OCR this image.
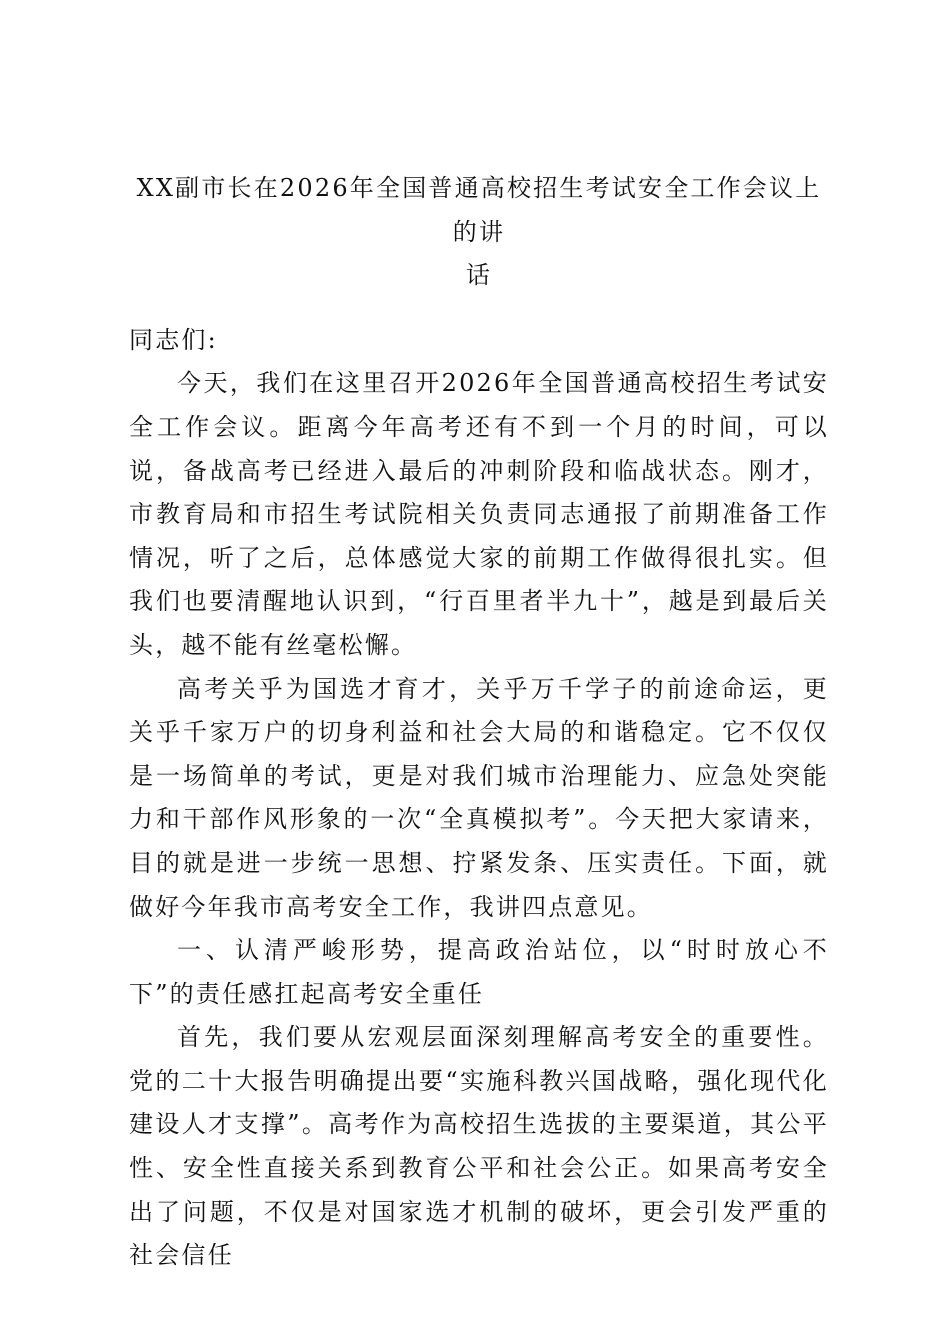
XX副市长在2026年全国普通高校招生考试安全工作会议上的讲
话

同志们:

今天，我们在这里召开2026年全国普通高校招生考试安全工作会议。距离今年高考还有不到一个月的时间，可以说，备战高考已经进入最后的冲刺阶段和临战状态。刚才，市教育局和市招生考试院相关负责同志通报了前期准备工作情况，听了之后，总体感觉大家的前期工作做得很扎实。但我们也要清醒地认识到，“行百里者半九十”，越是到最后关头，越不能有丝毫松懈。

高考关乎为国选才育才，关乎万千学子的前途命运，更关乎千家万户的切身利益和社会大局的和谐稳定。它不仅仅是一场简单的考试，更是对我们城市治理能力、应急处突能力和干部作风形象的一次“全真模拟考”。今天把大家请来，目的就是进一步统一思想、拧紧发条、压实责任。下面，就做好今年我市高考安全工作，我讲四点意见。

一、认清严峻形势，提高政治站位，以“时时放心不下”的责任感扛起高考安全重任

首先，我们要从宏观层面深刻理解高考安全的重要性。党的二十大报告明确提出要“实施科教兴国战略，强化现代化建设人才支撑”。高考作为高校招生选拔的主要渠道，其公平性、安全性直接关系到教育公平和社会公正。如果高考安全出了问题，不仅是对国家选才机制的破坏，更会引发严重的社会信任
